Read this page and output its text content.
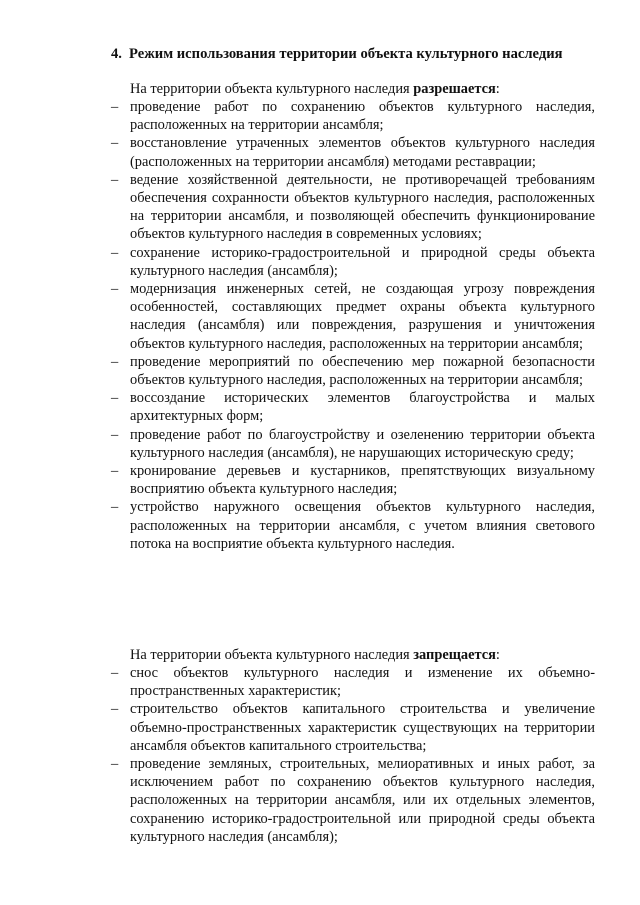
4. Режим использования территории объекта культурного наследия
На территории объекта культурного наследия разрешается:
– проведение работ по сохранению объектов культурного наследия, расположенных на территории ансамбля;
– восстановление утраченных элементов объектов культурного наследия (расположенных на территории ансамбля) методами реставрации;
– ведение хозяйственной деятельности, не противоречащей требованиям обеспечения сохранности объектов культурного наследия, расположенных на территории ансамбля, и позволяющей обеспечить функционирование объектов культурного наследия в современных условиях;
– сохранение историко-градостроительной и природной среды объекта культурного наследия (ансамбля);
– модернизация инженерных сетей, не создающая угрозу повреждения особенностей, составляющих предмет охраны объекта культурного наследия (ансамбля) или повреждения, разрушения и уничтожения объектов культурного наследия, расположенных на территории ансамбля;
– проведение мероприятий по обеспечению мер пожарной безопасности объектов культурного наследия, расположенных на территории ансамбля;
– воссоздание исторических элементов благоустройства и малых архитектурных форм;
– проведение работ по благоустройству и озеленению территории объекта культурного наследия (ансамбля), не нарушающих историческую среду;
– кронирование деревьев и кустарников, препятствующих визуальному восприятию объекта культурного наследия;
– устройство наружного освещения объектов культурного наследия, расположенных на территории ансамбля, с учетом влияния светового потока на восприятие объекта культурного наследия.
На территории объекта культурного наследия запрещается:
– снос объектов культурного наследия и изменение их объемно-пространственных характеристик;
– строительство объектов капитального строительства и увеличение объемно-пространственных характеристик существующих на территории ансамбля объектов капитального строительства;
– проведение земляных, строительных, мелиоративных и иных работ, за исключением работ по сохранению объектов культурного наследия, расположенных на территории ансамбля, или их отдельных элементов, сохранению историко-градостроительной или природной среды объекта культурного наследия (ансамбля);
